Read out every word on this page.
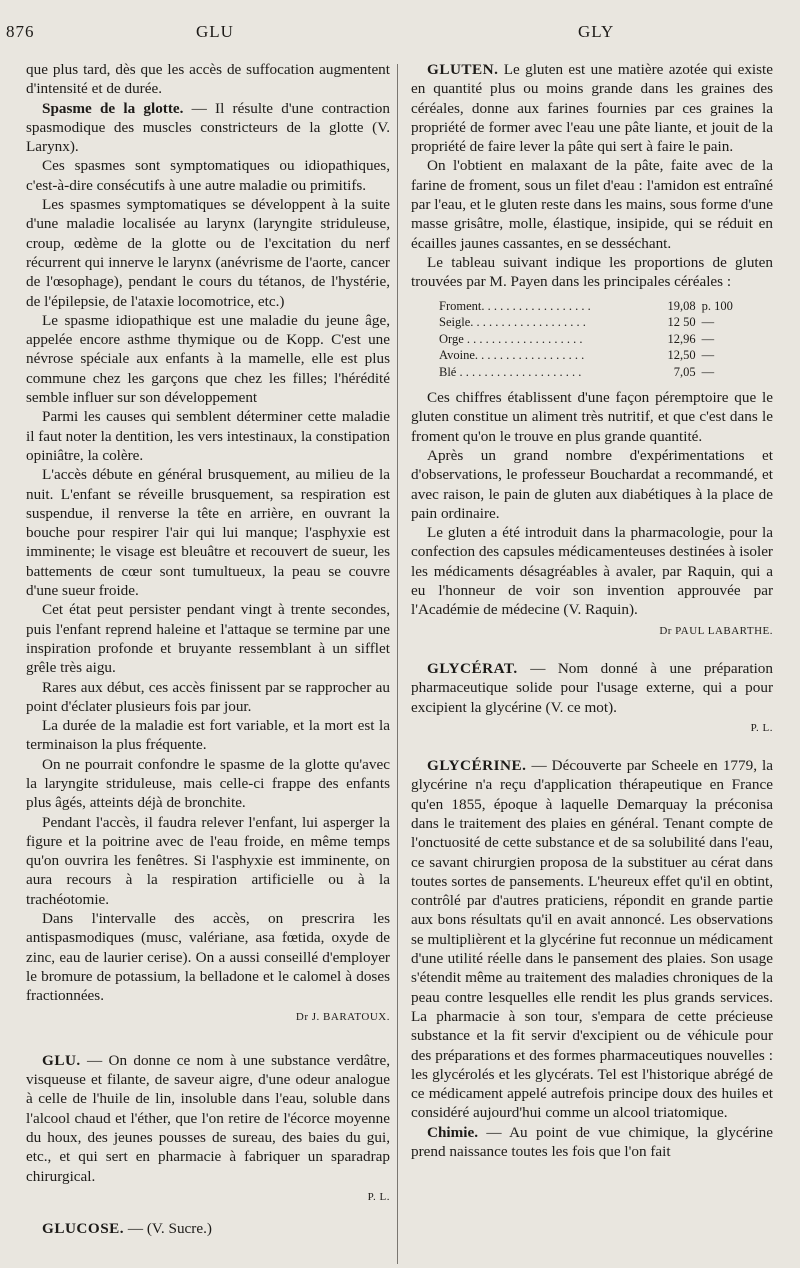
876	GLU	GLY

que plus tard, dès que les accès de suffocation augmentent d'intensité et de durée.

Spasme de la glotte. — Il résulte d'une contraction spasmodique des muscles constricteurs de la glotte (V. Larynx).

Ces spasmes sont symptomatiques ou idiopathiques, c'est-à-dire consécutifs à une autre maladie ou primitifs.

Les spasmes symptomatiques se développent à la suite d'une maladie localisée au larynx (laryngite striduleuse, croup, œdème de la glotte ou de l'excitation du nerf récurrent qui innerve le larynx (anévrisme de l'aorte, cancer de l'œsophage), pendant le cours du tétanos, de l'hystérie, de l'épilepsie, de l'ataxie locomotrice, etc.)

Le spasme idiopathique est une maladie du jeune âge, appelée encore asthme thymique ou de Kopp. C'est une névrose spéciale aux enfants à la mamelle, elle est plus commune chez les garçons que chez les filles; l'hérédité semble influer sur son développement

Parmi les causes qui semblent déterminer cette maladie il faut noter la dentition, les vers intestinaux, la constipation opiniâtre, la colère.

L'accès débute en général brusquement, au milieu de la nuit. L'enfant se réveille brusquement, sa respiration est suspendue, il renverse la tête en arrière, en ouvrant la bouche pour respirer l'air qui lui manque; l'asphyxie est imminente; le visage est bleuâtre et recouvert de sueur, les battements de cœur sont tumultueux, la peau se couvre d'une sueur froide.

Cet état peut persister pendant vingt à trente secondes, puis l'enfant reprend haleine et l'attaque se termine par une inspiration profonde et bruyante ressemblant à un sifflet grêle très aigu.

Rares aux début, ces accès finissent par se rapprocher au point d'éclater plusieurs fois par jour.

La durée de la maladie est fort variable, et la mort est la terminaison la plus fréquente.

On ne pourrait confondre le spasme de la glotte qu'avec la laryngite striduleuse, mais celle-ci frappe des enfants plus âgés, atteints déjà de bronchite.

Pendant l'accès, il faudra relever l'enfant, lui asperger la figure et la poitrine avec de l'eau froide, en même temps qu'on ouvrira les fenêtres. Si l'asphyxie est imminente, on aura recours à la respiration artificielle ou à la trachéotomie.

Dans l'intervalle des accès, on prescrira les antispasmodiques (musc, valériane, asa fœtida, oxyde de zinc, eau de laurier cerise). On a aussi conseillé d'employer le bromure de potassium, la belladone et le calomel à doses fractionnées.

Dr J. BARATOUX.

GLU. — On donne ce nom à une substance verdâtre, visqueuse et filante, de saveur aigre, d'une odeur analogue à celle de l'huile de lin, insoluble dans l'eau, soluble dans l'alcool chaud et l'éther, que l'on retire de l'écorce moyenne du houx, des jeunes pousses de sureau, des baies du gui, etc., et qui sert en pharmacie à fabriquer un sparadrap chirurgical.

P. L.

GLUCOSE. — (V. Sucre.)

GLUTEN. Le gluten est une matière azotée qui existe en quantité plus ou moins grande dans les graines des céréales, donne aux farines fournies par ces graines la propriété de former avec l'eau une pâte liante, et jouit de la propriété de faire lever la pâte qui sert à faire le pain.

On l'obtient en malaxant de la pâte, faite avec de la farine de froment, sous un filet d'eau : l'amidon est entraîné par l'eau, et le gluten reste dans les mains, sous forme d'une masse grisâtre, molle, élastique, insipide, qui se réduit en écailles jaunes cassantes, en se desséchant.

Le tableau suivant indique les proportions de gluten trouvées par M. Payen dans les principales céréales :

Froment. . . . . . . . . . . . . . . . . .	19,08 p. 100
Seigle. . . . . . . . . . . . . . . . . . .	12 50 —
Orge . . . . . . . . . . . . . . . . . . .	12,96 —
Avoine. . . . . . . . . . . . . . . . . .	12,50 —
Blé . . . . . . . . . . . . . . . . . . . .	7,05 —

Ces chiffres établissent d'une façon péremptoire que le gluten constitue un aliment très nutritif, et que c'est dans le froment qu'on le trouve en plus grande quantité.

Après un grand nombre d'expérimentations et d'observations, le professeur Bouchardat a recommandé, et avec raison, le pain de gluten aux diabétiques à la place de pain ordinaire.

Le gluten a été introduit dans la pharmacologie, pour la confection des capsules médicamenteuses destinées à isoler les médicaments désagréables à avaler, par Raquin, qui a eu l'honneur de voir son invention approuvée par l'Académie de médecine (V. Raquin).

Dr PAUL LABARTHE.

GLYCÉRAT. — Nom donné à une préparation pharmaceutique solide pour l'usage externe, qui a pour excipient la glycérine (V. ce mot).

P. L.

GLYCÉRINE. — Découverte par Scheele en 1779, la glycérine n'a reçu d'application thérapeutique en France qu'en 1855, époque à laquelle Demarquay la préconisa dans le traitement des plaies en général. Tenant compte de l'onctuosité de cette substance et de sa solubilité dans l'eau, ce savant chirurgien proposa de la substituer au cérat dans toutes sortes de pansements. L'heureux effet qu'il en obtint, contrôlé par d'autres praticiens, répondit en grande partie aux bons résultats qu'il en avait annoncé. Les observations se multiplièrent et la glycérine fut reconnue un médicament d'une utilité réelle dans le pansement des plaies. Son usage s'étendit même au traitement des maladies chroniques de la peau contre lesquelles elle rendit les plus grands services. La pharmacie à son tour, s'empara de cette précieuse substance et la fit servir d'excipient ou de véhicule pour des préparations et des formes pharmaceutiques nouvelles : les glycérolés et les glycérats. Tel est l'historique abrégé de ce médicament appelé autrefois principe doux des huiles et considéré aujourd'hui comme un alcool triatomique.

Chimie. — Au point de vue chimique, la glycérine prend naissance toutes les fois que l'on fait
